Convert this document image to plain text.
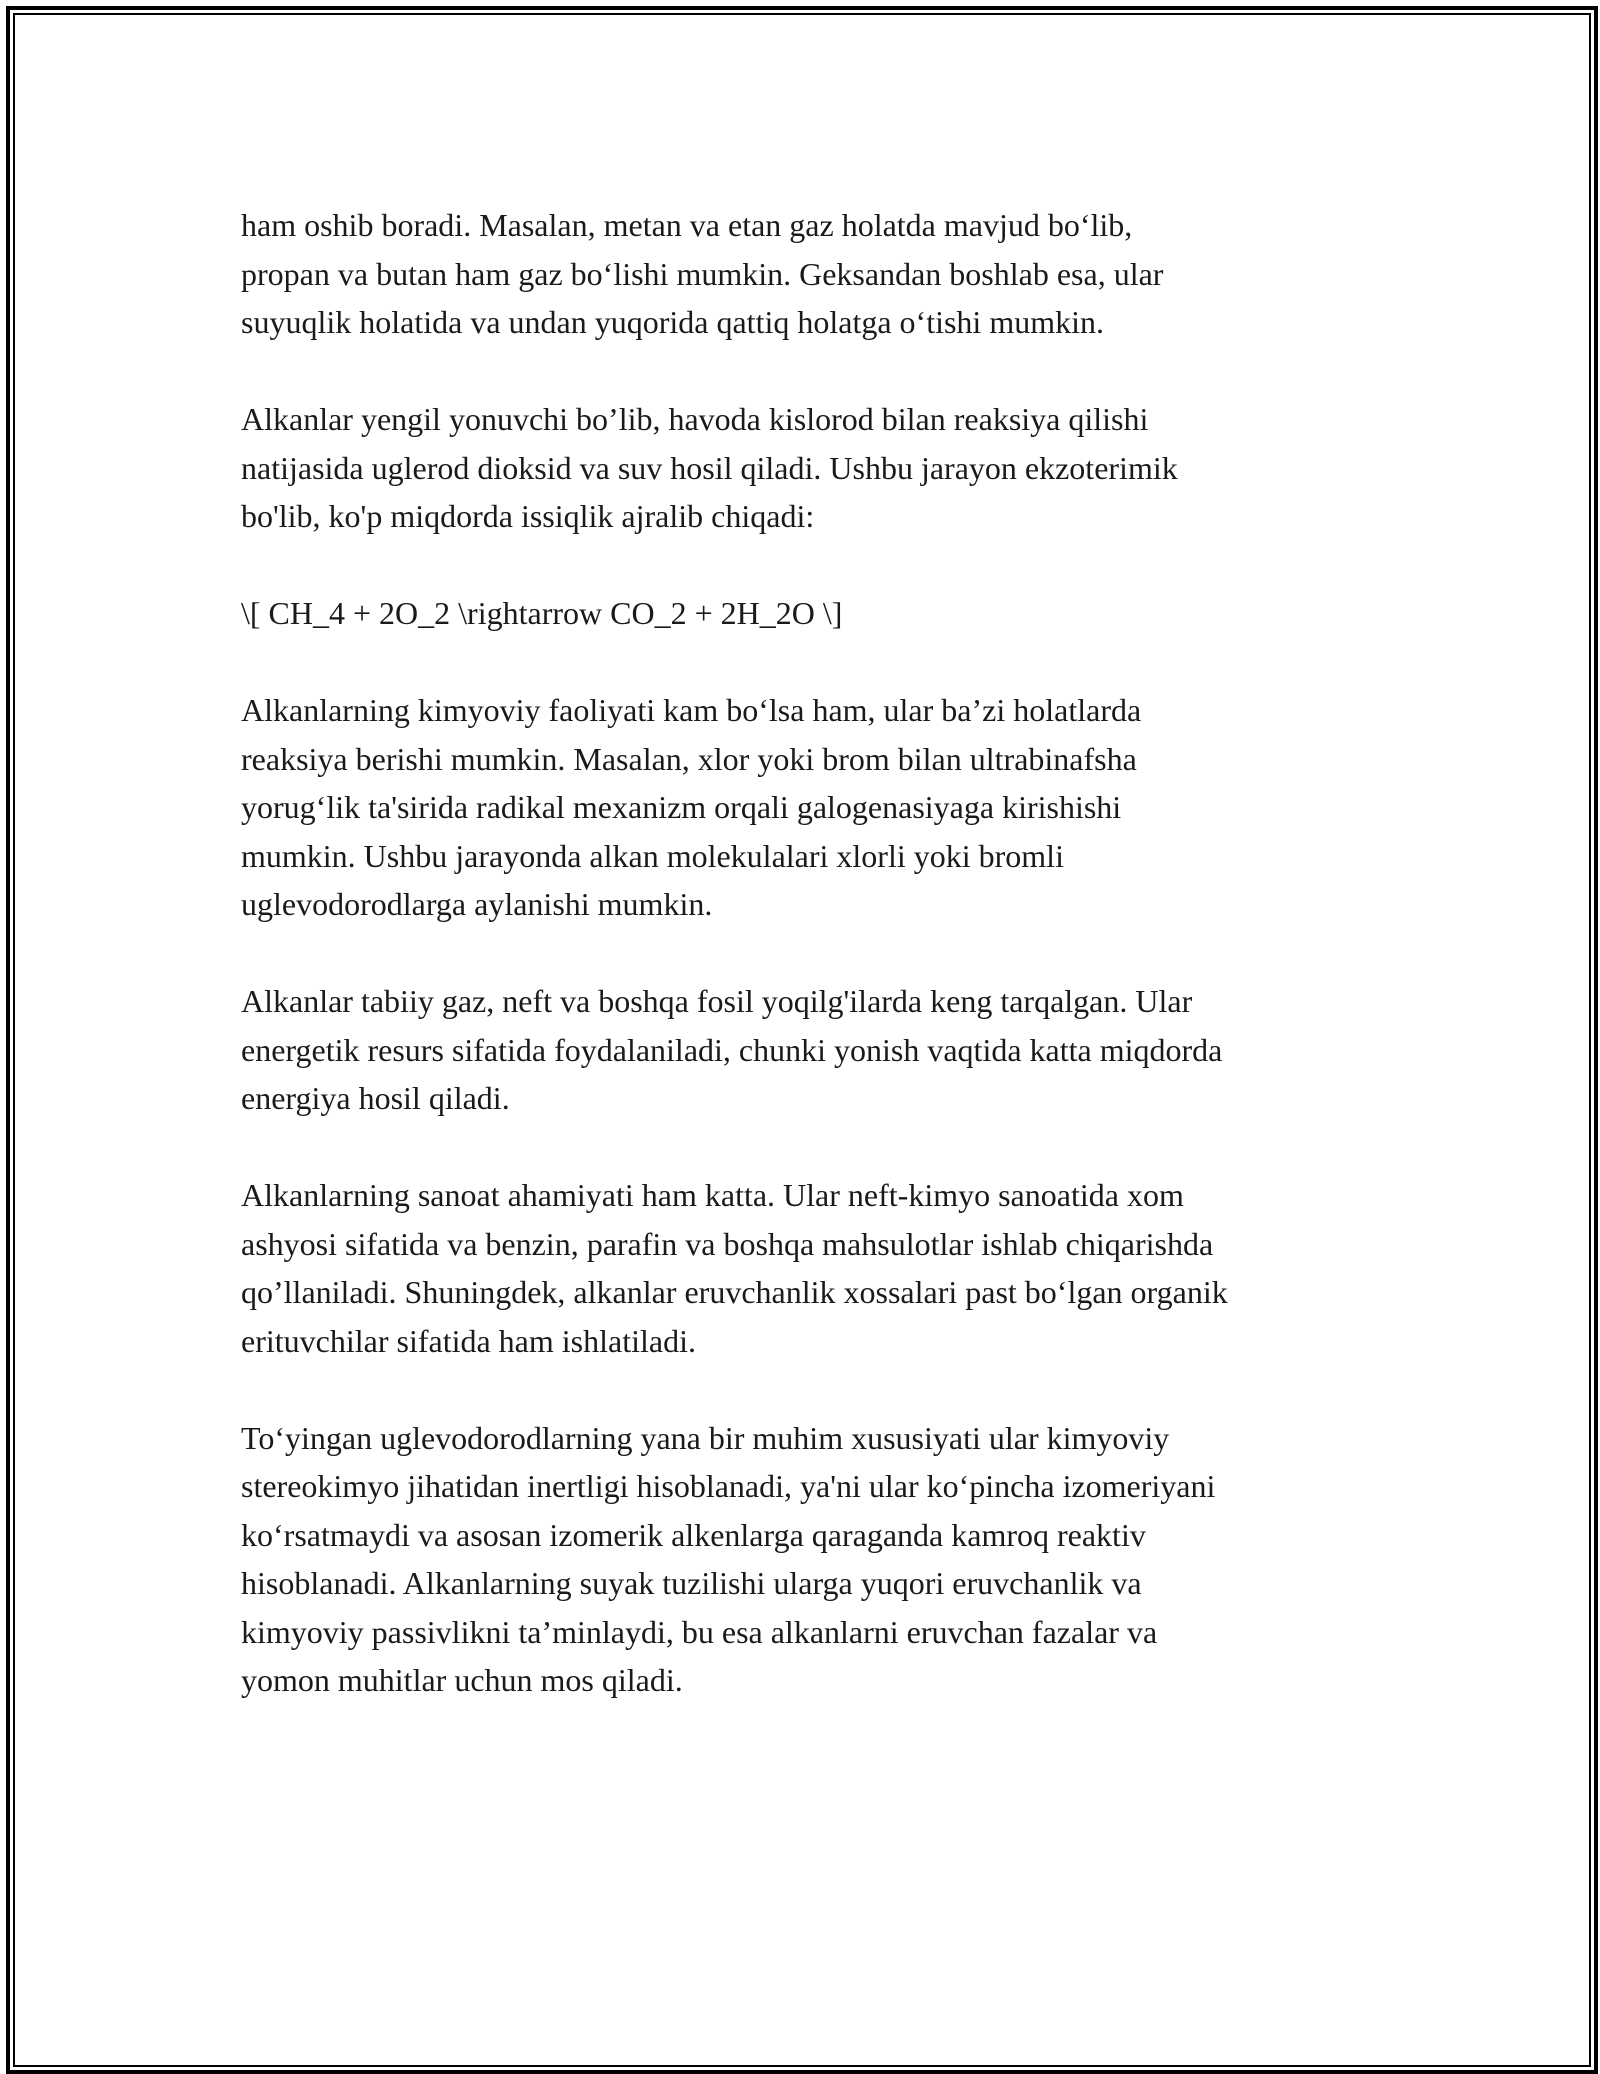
ham oshib boradi. Masalan, metan va etan gaz holatda mavjud bo‘lib,
propan va butan ham gaz bo‘lishi mumkin. Geksandan boshlab esa, ular
suyuqlik holatida va undan yuqorida qattiq holatga o‘tishi mumkin.

Alkanlar yengil yonuvchi bo’lib, havoda kislorod bilan reaksiya qilishi
natijasida uglerod dioksid va suv hosil qiladi. Ushbu jarayon ekzoterimik
bo'lib, ko'p miqdorda issiqlik ajralib chiqadi:

\[ CH_4 + 2O_2 \rightarrow CO_2 + 2H_2O \]

Alkanlarning kimyoviy faoliyati kam bo‘lsa ham, ular ba’zi holatlarda
reaksiya berishi mumkin. Masalan, xlor yoki brom bilan ultrabinafsha
yorug‘lik ta'sirida radikal mexanizm orqali galogenasiyaga kirishishi
mumkin. Ushbu jarayonda alkan molekulalari xlorli yoki bromli
uglevodorodlarga aylanishi mumkin.

Alkanlar tabiiy gaz, neft va boshqa fosil yoqilg'ilarda keng tarqalgan. Ular
energetik resurs sifatida foydalaniladi, chunki yonish vaqtida katta miqdorda
energiya hosil qiladi.

Alkanlarning sanoat ahamiyati ham katta. Ular neft-kimyo sanoatida xom
ashyosi sifatida va benzin, parafin va boshqa mahsulotlar ishlab chiqarishda
qo’llaniladi. Shuningdek, alkanlar eruvchanlik xossalari past bo‘lgan organik
erituvchilar sifatida ham ishlatiladi.

To‘yingan uglevodorodlarning yana bir muhim xususiyati ular kimyoviy
stereokimyo jihatidan inertligi hisoblanadi, ya'ni ular ko‘pincha izomeriyani
ko‘rsatmaydi va asosan izomerik alkenlarga qaraganda kamroq reaktiv
hisoblanadi. Alkanlarning suyak tuzilishi ularga yuqori eruvchanlik va
kimyoviy passivlikni ta’minlaydi, bu esa alkanlarni eruvchan fazalar va
yomon muhitlar uchun mos qiladi.
